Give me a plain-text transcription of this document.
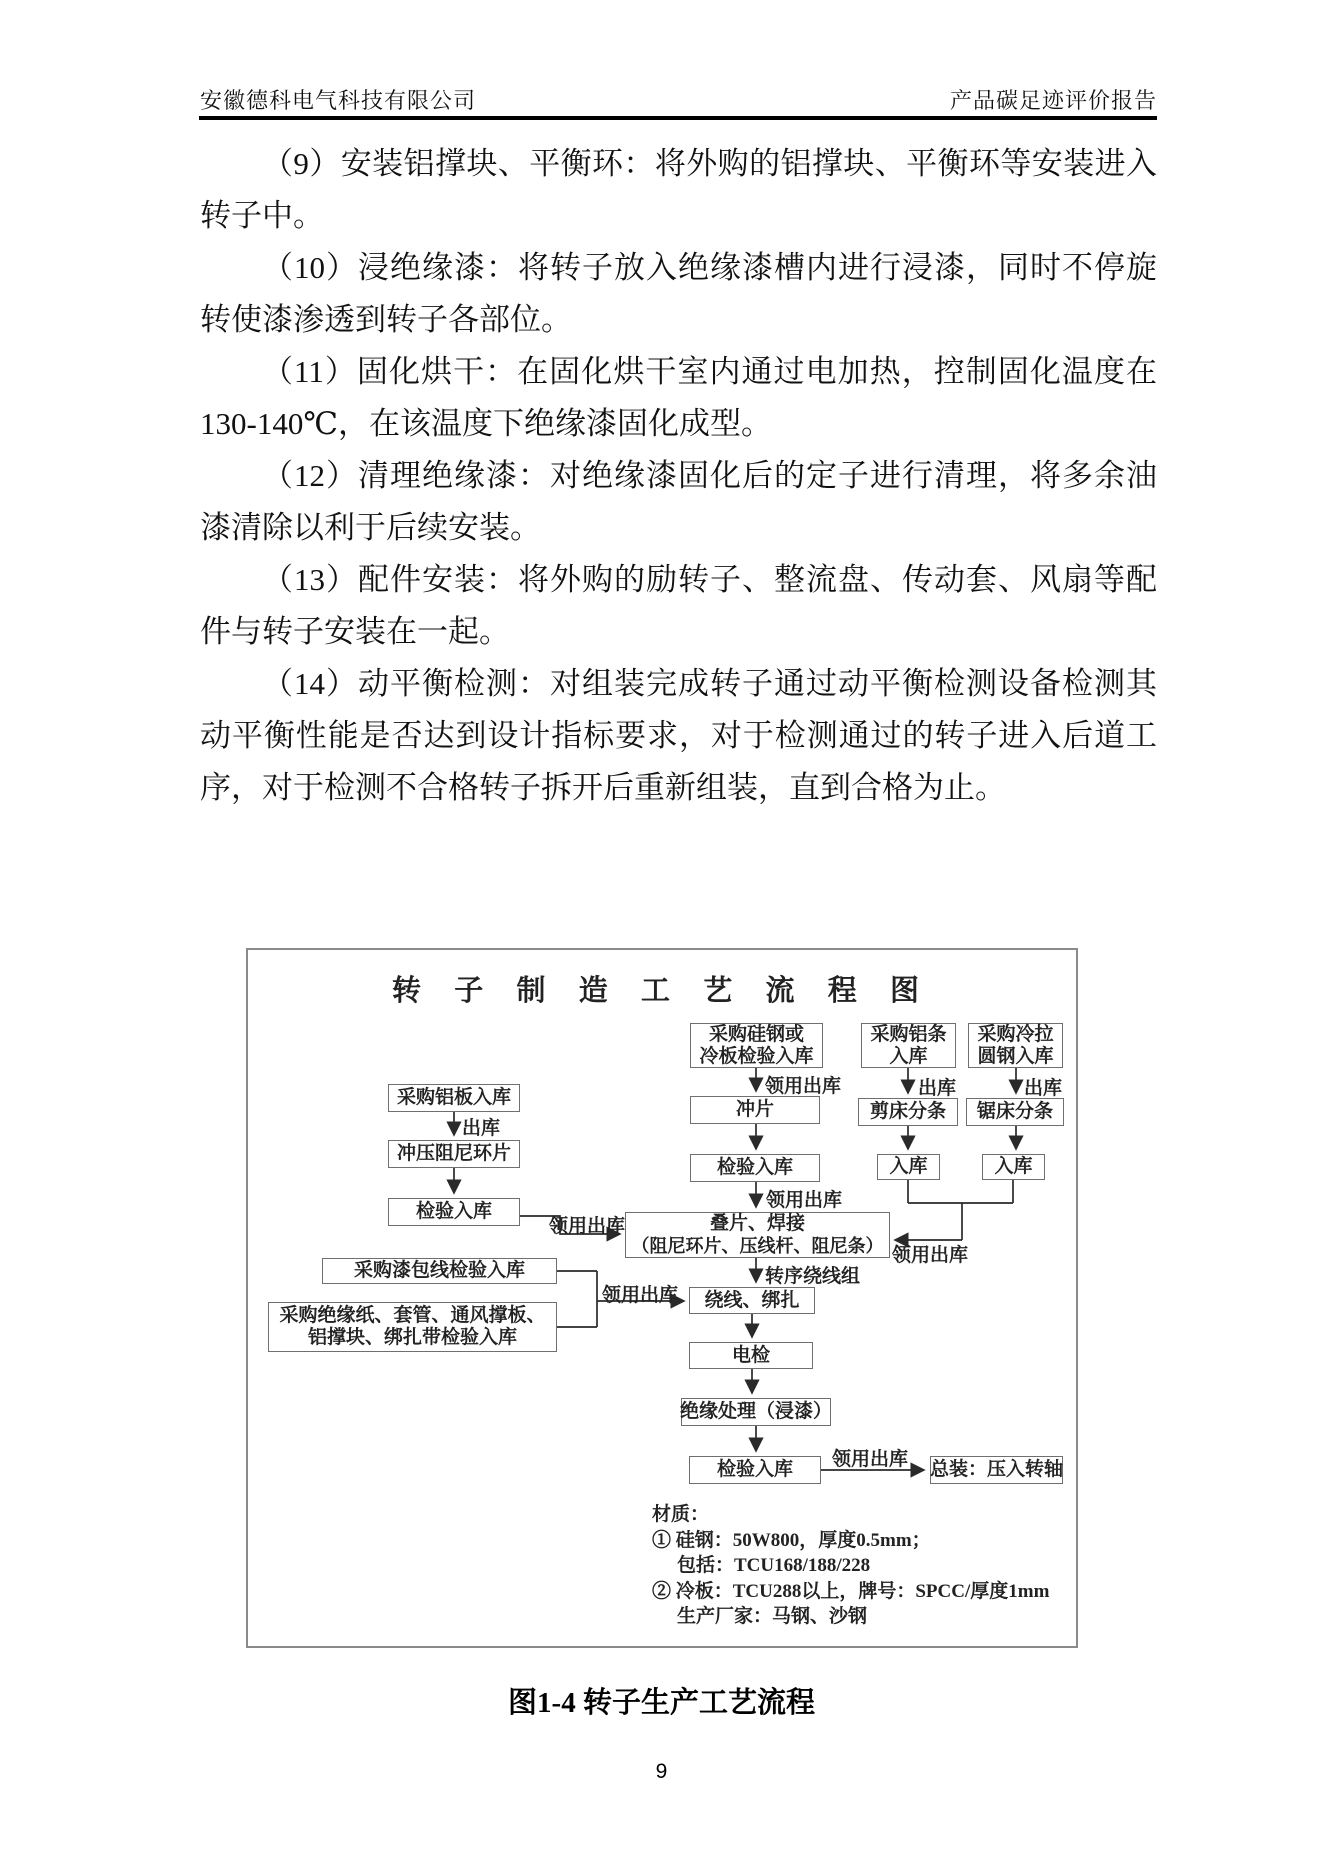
安徽德科电气科技有限公司	产品碳足迹评价报告

（9）安装铝撑块、平衡环：将外购的铝撑块、平衡环等安装进入转子中。

（10）浸绝缘漆：将转子放入绝缘漆槽内进行浸漆，同时不停旋转使漆渗透到转子各部位。

（11）固化烘干：在固化烘干室内通过电加热，控制固化温度在130-140℃，在该温度下绝缘漆固化成型。

（12）清理绝缘漆：对绝缘漆固化后的定子进行清理，将多余油漆清除以利于后续安装。

（13）配件安装：将外购的励转子、整流盘、传动套、风扇等配件与转子安装在一起。

（14）动平衡检测：对组装完成转子通过动平衡检测设备检测其动平衡性能是否达到设计指标要求，对于检测通过的转子进入后道工序，对于检测不合格转子拆开后重新组装，直到合格为止。

转 子 制 造 工 艺 流 程 图
采购硅钢或
冷板检验入库
采购铝条
入库
采购冷拉
圆钢入库
采购铝板入库
冲片	剪床分条 锯床分条
冲压阻尼环片
检验入库	入库	入库
检验入库
叠片、焊接
（阻尼环片、压线杆、阻尼条）
采购漆包线检验入库
采购绝缘纸、套管、通风撑板、
铝撑块、绑扎带检验入库
绕线、绑扎
电检
绝缘处理（浸漆）
检验入库	总装：压入转轴
领用出库	出库	出库
出库
领用出库
领用出库
领用出库
转序绕线组
领用出库
领用出库
材质：
① 硅钢：50W800，厚度0.5mm；
包括：TCU168/188/228
② 冷板：TCU288以上，牌号：SPCC/厚度1mm
生产厂家：马钢、沙钢
图1-4 转子生产工艺流程
9
